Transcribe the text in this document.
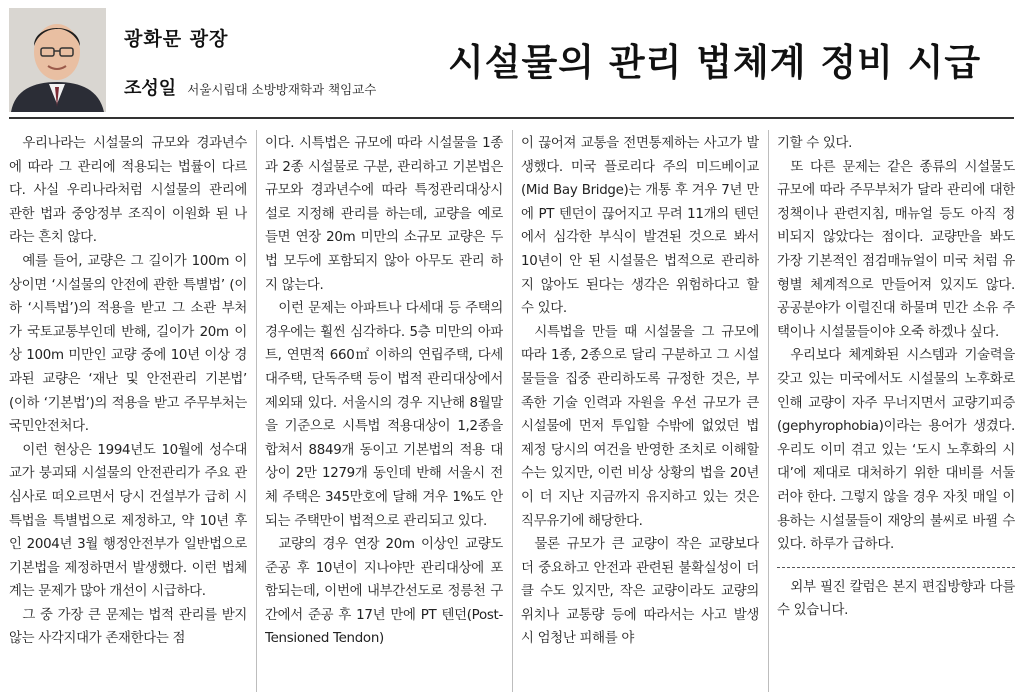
광화문 광장
조성일 서울시립대 소방방재학과 책임교수
시설물의 관리 법체계 정비 시급

우리나라는 시설물의 규모와 경과년수에 따라 그 관리에 적용되는 법률이 다르다. 사실 우리나라처럼 시설물의 관리에 관한 법과 중앙정부 조직이 이원화 된 나라는 흔치 않다.

예를 들어, 교량은 그 길이가 100m 이상이면 ‘시설물의 안전에 관한 특별법’ (이하 ‘시특법’)의 적용을 받고 그 소관 부처가 국토교통부인데 반해, 길이가 20m 이상 100m 미만인 교량 중에 10년 이상 경과된 교량은 ‘재난 및 안전관리 기본법’ (이하 ‘기본법’)의 적용을 받고 주무부처는 국민안전처다.

이런 현상은 1994년도 10월에 성수대교가 붕괴돼 시설물의 안전관리가 주요 관심사로 떠오르면서 당시 건설부가 급히 시특법을 특별법으로 제정하고, 약 10년 후인 2004년 3월 행정안전부가 일반법으로 기본법을 제정하면서 발생했다. 이런 법체계는 문제가 많아 개선이 시급하다.

그 중 가장 큰 문제는 법적 관리를 받지 않는 사각지대가 존재한다는 점

이다. 시특법은 규모에 따라 시설물을 1종과 2종 시설물로 구분, 관리하고 기본법은 규모와 경과년수에 따라 특정관리대상시설로 지정해 관리를 하는데, 교량을 예로 들면 연장 20m 미만의 소규모 교량은 두 법 모두에 포함되지 않아 아무도 관리 하지 않는다.

이런 문제는 아파트나 다세대 등 주택의 경우에는 훨씬 심각하다. 5층 미만의 아파트, 연면적 660㎡ 이하의 연립주택, 다세대주택, 단독주택 등이 법적 관리대상에서 제외돼 있다. 서울시의 경우 지난해 8월말을 기준으로 시특법 적용대상이 1,2종을 합쳐서 8849개 동이고 기본법의 적용 대상이 2만 1279개 동인데 반해 서울시 전체 주택은 345만호에 달해 겨우 1%도 안 되는 주택만이 법적으로 관리되고 있다.

교량의 경우 연장 20m 이상인 교량도 준공 후 10년이 지나야만 관리대상에 포함되는데, 이번에 내부간선도로 정릉천 구간에서 준공 후 17년 만에 PT 텐던(Post-Tensioned Tendon)

이 끊어져 교통을 전면통제하는 사고가 발생했다. 미국 플로리다 주의 미드베이교(Mid Bay Bridge)는 개통 후 겨우 7년 만에 PT 텐던이 끊어지고 무려 11개의 텐던에서 심각한 부식이 발견된 것으로 봐서 10년이 안 된 시설물은 법적으로 관리하지 않아도 된다는 생각은 위험하다고 할 수 있다.

시특법을 만들 때 시설물을 그 규모에 따라 1종, 2종으로 달리 구분하고 그 시설물들을 집중 관리하도록 규정한 것은, 부족한 기술 인력과 자원을 우선 규모가 큰 시설물에 먼저 투입할 수밖에 없었던 법 제정 당시의 여건을 반영한 조치로 이해할 수는 있지만, 이런 비상 상황의 법을 20년이 더 지난 지금까지 유지하고 있는 것은 직무유기에 해당한다.

물론 규모가 큰 교량이 작은 교량보다 더 중요하고 안전과 관련된 불확실성이 더 클 수도 있지만, 작은 교량이라도 교량의 위치나 교통량 등에 따라서는 사고 발생 시 엄청난 피해를 야

기할 수 있다.

또 다른 문제는 같은 종류의 시설물도 규모에 따라 주무부처가 달라 관리에 대한 정책이나 관련지침, 매뉴얼 등도 아직 정비되지 않았다는 점이다. 교량만을 봐도 가장 기본적인 점검매뉴얼이 미국 처럼 유형별 체계적으로 만들어져 있지도 않다. 공공분야가 이럴진대 하물며 민간 소유 주택이나 시설물들이야 오죽 하겠나 싶다.

우리보다 체계화된 시스템과 기술력을 갖고 있는 미국에서도 시설물의 노후화로 인해 교량이 자주 무너지면서 교량기피증(gephyrophobia)이라는 용어가 생겼다. 우리도 이미 겪고 있는 ‘도시 노후화의 시대’에 제대로 대처하기 위한 대비를 서둘러야 한다. 그렇지 않을 경우 자칫 매일 이용하는 시설물들이 재앙의 불씨로 바뀔 수 있다. 하루가 급하다.

외부 필진 칼럼은 본지 편집방향과 다를 수 있습니다.
